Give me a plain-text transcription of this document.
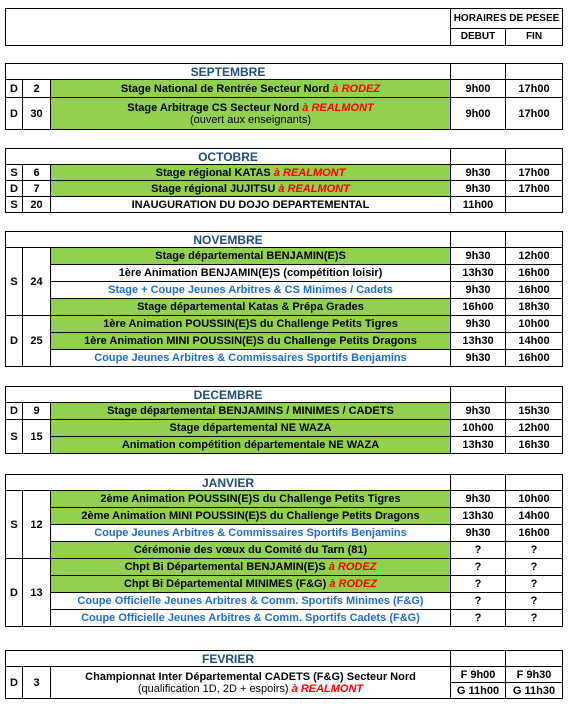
	HORAIRES DE PESEE	
	DEBUT	FIN
SEPTEMBRE				
D	2	Stage National de Rentrée Secteur Nord à RODEZ	9h00	17h00
D	30	Stage Arbitrage CS Secteur Nord à REALMONT
(ouvert aux enseignants)	9h00	17h00
OCTOBRE				
S	6	Stage régional KATAS à REALMONT	9h30	17h00
D	7	Stage régional JUJITSU à REALMONT	9h30	17h00
S	20	INAUGURATION DU DOJO DEPARTEMENTAL	11h00	
NOVEMBRE				
S	24	Stage départemental BENJAMIN(E)S	9h30	12h00
		1ère Animation BENJAMIN(E)S (compétition loisir)	13h30	16h00
		Stage + Coupe Jeunes Arbitres & CS Minimes / Cadets	9h30	16h00
		Stage départemental Katas & Prépa Grades	16h00	18h30
D	25	1ère Animation POUSSIN(E)S du Challenge Petits Tigres	9h30	10h00
		1ère Animation MINI POUSSIN(E)S du Challenge Petits Dragons	13h30	14h00
		Coupe Jeunes Arbitres & Commissaires Sportifs Benjamins	9h30	16h00
DECEMBRE				
D	9	Stage départemental BENJAMINS / MINIMES / CADETS	9h30	15h30
S	15	Stage départemental NE WAZA	10h00	12h00
		Animation compétition départementale NE WAZA	13h30	16h30
JANVIER				
S	12	2ème Animation POUSSIN(E)S du Challenge Petits Tigres	9h30	10h00
		2ème Animation MINI POUSSIN(E)S du Challenge Petits Dragons	13h30	14h00
		Coupe Jeunes Arbitres & Commissaires Sportifs Benjamins	9h30	16h00
		Cérémonie des vœux du Comité du Tarn (81)	?	?
D	13	Chpt Bi Départemental BENJAMIN(E)S à RODEZ	?	?
		Chpt Bi Départemental MINIMES (F&G) à RODEZ	?	?
		Coupe Officielle Jeunes Arbitres & Comm. Sportifs Minimes (F&G)	?	?
		Coupe Officielle Jeunes Arbitres & Comm. Sportifs Cadets (F&G)	?	?
FEVRIER				
D	3	Championnat Inter Départemental CADETS (F&G) Secteur Nord
(qualification 1D, 2D + espoirs) à REALMONT	F 9h00	F 9h30
			G 11h00	G 11h30
